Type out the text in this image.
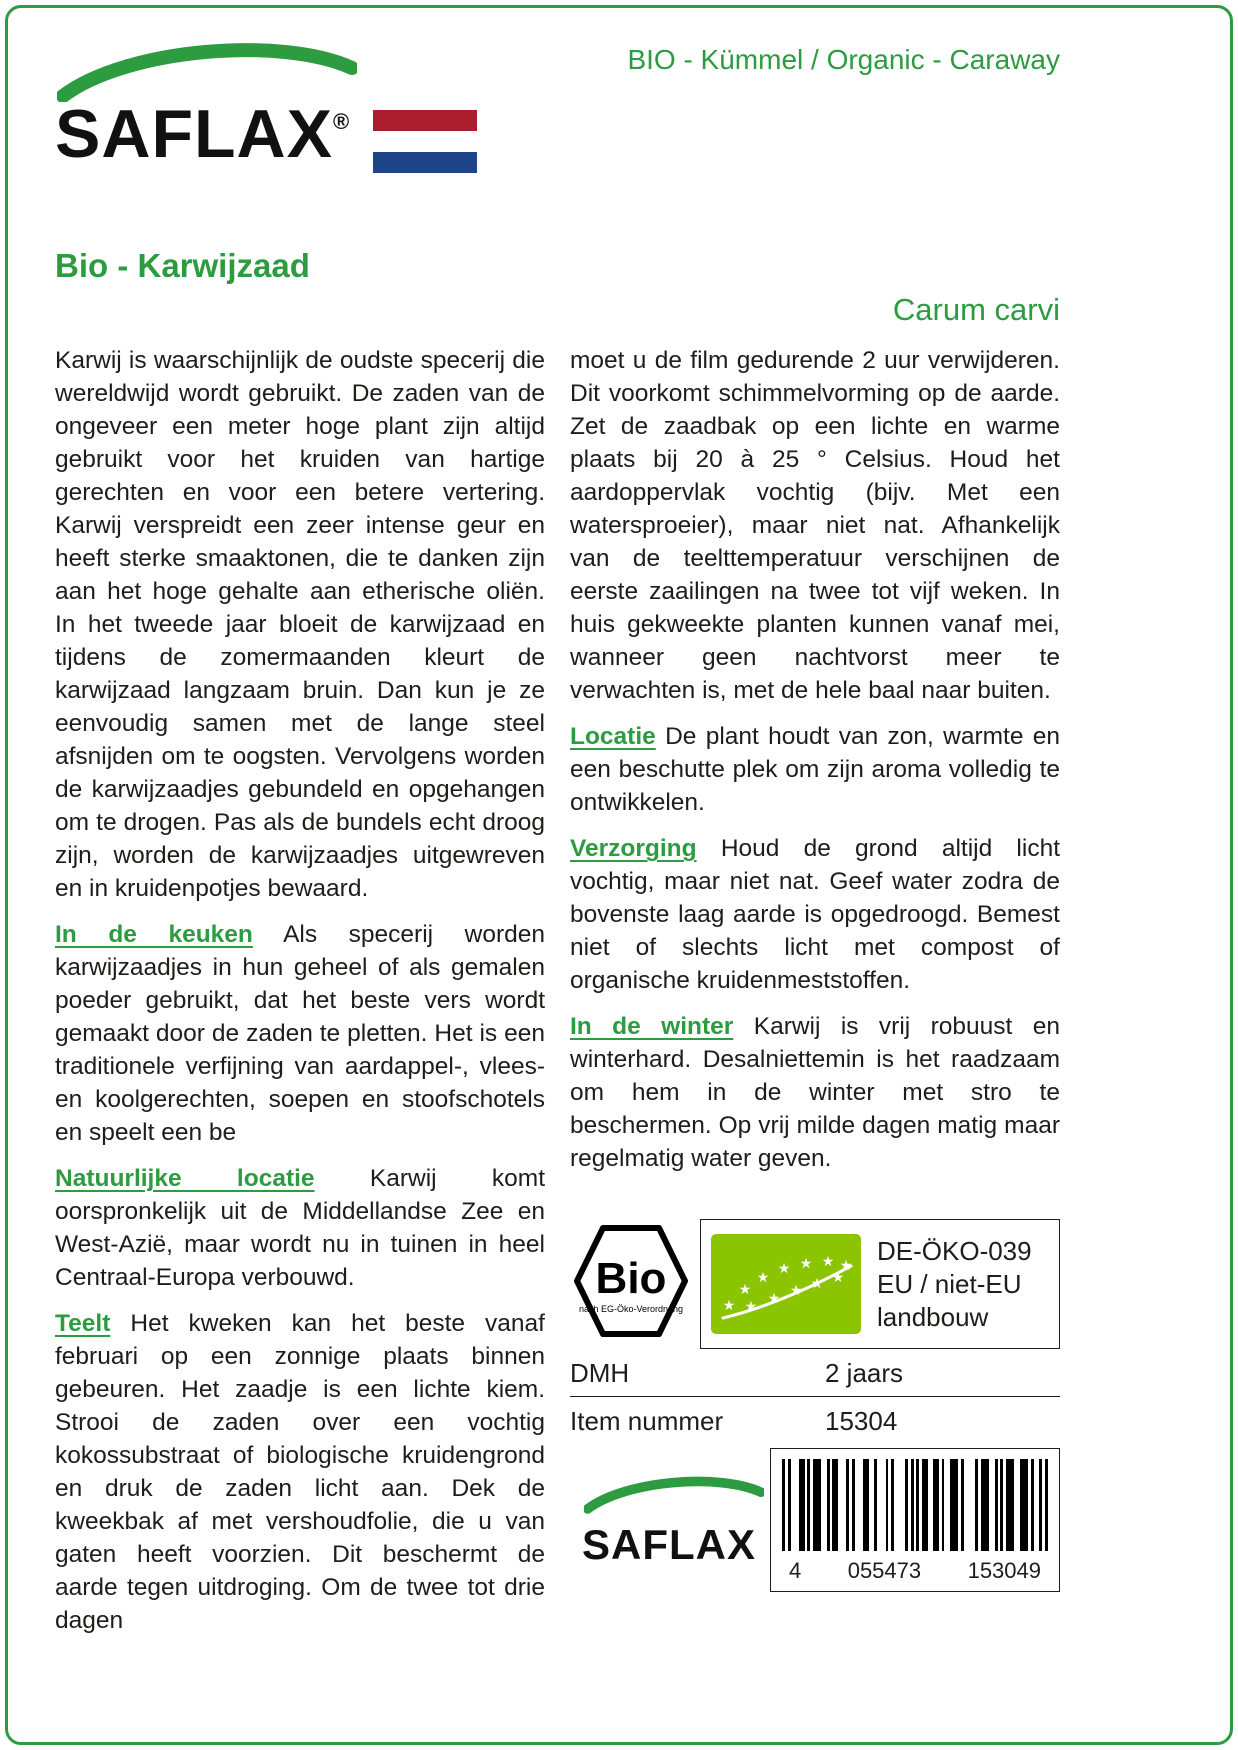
SAFLAX®
BIO - Kümmel / Organic - Caraway
Bio - Karwijzaad
Carum carvi

Karwij is waarschijnlijk de oudste specerij die wereldwijd wordt gebruikt. De zaden van de ongeveer een meter hoge plant zijn altijd gebruikt voor het kruiden van hartige gerechten en voor een betere vertering. Karwij verspreidt een zeer intense geur en heeft sterke smaaktonen, die te danken zijn aan het hoge gehalte aan etherische oliën. In het tweede jaar bloeit de karwijzaad en tijdens de zomermaanden kleurt de karwijzaad langzaam bruin. Dan kun je ze eenvoudig samen met de lange steel afsnijden om te oogsten. Vervolgens worden de karwijzaadjes gebundeld en opgehangen om te drogen. Pas als de bundels echt droog zijn, worden de karwijzaadjes uitgewreven en in kruidenpotjes bewaard.

In de keuken Als specerij worden karwijzaadjes in hun geheel of als gemalen poeder gebruikt, dat het beste vers wordt gemaakt door de zaden te pletten. Het is een traditionele verfijning van aardappel-, vlees- en koolgerechten, soepen en stoofschotels en speelt een be

Natuurlijke locatie Karwij komt oorspronkelijk uit de Middellandse Zee en West-Azië, maar wordt nu in tuinen in heel Centraal-Europa verbouwd.

Teelt Het kweken kan het beste vanaf februari op een zonnige plaats binnen gebeuren. Het zaadje is een lichte kiem. Strooi de zaden over een vochtig kokossubstraat of biologische kruidengrond en druk de zaden licht aan. Dek de kweekbak af met vershoudfolie, die u van gaten heeft voorzien. Dit beschermt de aarde tegen uitdroging. Om de twee tot drie dagen

moet u de film gedurende 2 uur verwijderen. Dit voorkomt schimmelvorming op de aarde. Zet de zaadbak op een lichte en warme plaats bij 20 à 25 ° Celsius. Houd het aardoppervlak vochtig (bijv. Met een watersproeier), maar niet nat. Afhankelijk van de teelttemperatuur verschijnen de eerste zaailingen na twee tot vijf weken. In huis gekweekte planten kunnen vanaf mei, wanneer geen nachtvorst meer te verwachten is, met de hele baal naar buiten.

Locatie De plant houdt van zon, warmte en een beschutte plek om zijn aroma volledig te ontwikkelen.

Verzorging Houd de grond altijd licht vochtig, maar niet nat. Geef water zodra de bovenste laag aarde is opgedroogd. Bemest niet of slechts licht met compost of organische kruidenmeststoffen.

In de winter Karwij is vrij robuust en winterhard. Desalniettemin is het raadzaam om hem in de winter met stro te beschermen. Op vrij milde dagen matig maar regelmatig water geven.

Bio
nach EG-Öko-Verordnung	★
★
★
★ ★ ★ ★
★
★
★
★
★
DE-ÖKO-039
EU / niet-EU
landbouw
DMH	2 jaars
Item nummer	15304
SAFLAX
4 055473 153049
